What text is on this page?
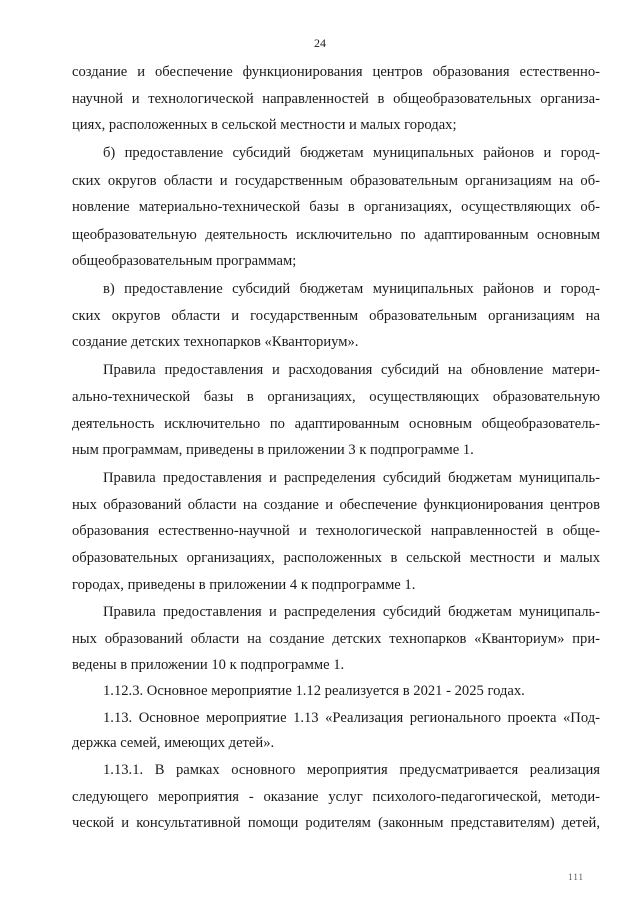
24
создание и обеспечение функционирования центров образования естественно-
научной и технологической направленностей в общеобразовательных организа-
циях, расположенных в сельской местности и малых городах;
б) предоставление субсидий бюджетам муниципальных районов и город-
ских округов области и государственным образовательным организациям на об-
новление материально-технической базы в организациях, осуществляющих об-
щеобразовательную деятельность исключительно по адаптированным основным
общеобразовательным программам;
в) предоставление субсидий бюджетам муниципальных районов и город-
ских округов области и государственным образовательным организациям на
создание детских технопарков «Кванториум».
Правила предоставления и расходования субсидий на обновление матери-
ально-технической базы в организациях, осуществляющих образовательную
деятельность исключительно по адаптированным основным общеобразователь-
ным программам, приведены в приложении 3 к подпрограмме 1.
Правила предоставления и распределения субсидий бюджетам муниципаль-
ных образований области на создание и обеспечение функционирования центров
образования естественно-научной и технологической направленностей в обще-
образовательных организациях, расположенных в сельской местности и малых
городах, приведены в приложении 4 к подпрограмме 1.
Правила предоставления и распределения субсидий бюджетам муниципаль-
ных образований области на создание детских технопарков «Кванториум» при-
ведены в приложении 10 к подпрограмме 1.
1.12.3. Основное мероприятие 1.12 реализуется в 2021 - 2025 годах.
1.13. Основное мероприятие 1.13 «Реализация регионального проекта «Под-
держка семей, имеющих детей».
1.13.1. В рамках основного мероприятия предусматривается реализация
следующего мероприятия - оказание услуг психолого-педагогической, методи-
ческой и консультативной помощи родителям (законным представителям) детей,
111
